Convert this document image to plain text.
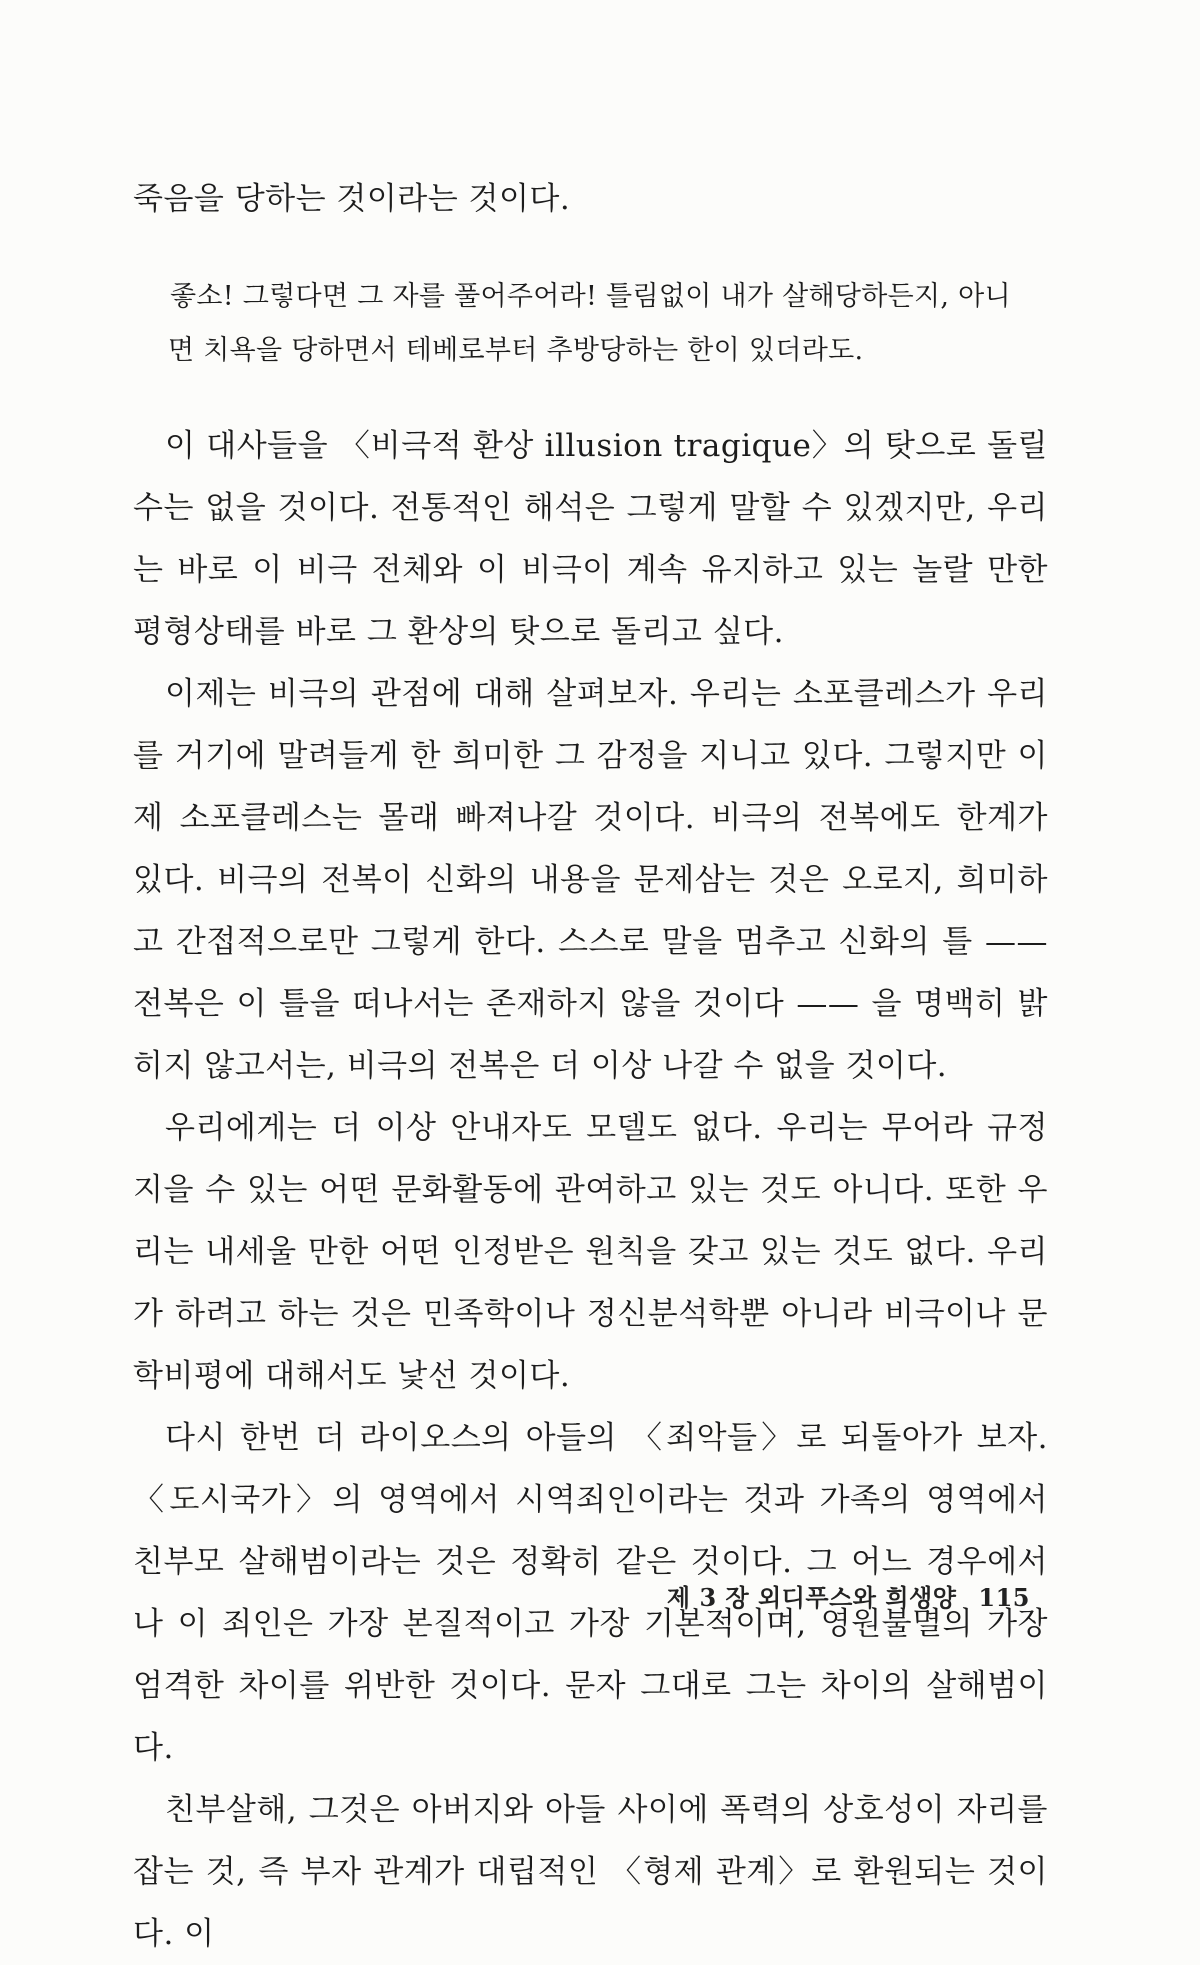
죽음을 당하는 것이라는 것이다.

좋소! 그렇다면 그 자를 풀어주어라! 틀림없이 내가 살해당하든지, 아니
면 치욕을 당하면서 테베로부터 추방당하는 한이 있더라도.

이 대사들을 〈비극적 환상 illusion tragique〉의 탓으로 돌릴 수는 없을 것이다. 전통적인 해석은 그렇게 말할 수 있겠지만, 우리는 바로 이 비극 전체와 이 비극이 계속 유지하고 있는 놀랄 만한 평형상태를 바로 그 환상의 탓으로 돌리고 싶다.

이제는 비극의 관점에 대해 살펴보자. 우리는 소포클레스가 우리를 거기에 말려들게 한 희미한 그 감정을 지니고 있다. 그렇지만 이제 소포클레스는 몰래 빠져나갈 것이다. 비극의 전복에도 한계가 있다. 비극의 전복이 신화의 내용을 문제삼는 것은 오로지, 희미하고 간접적으로만 그렇게 한다. 스스로 말을 멈추고 신화의 틀 —— 전복은 이 틀을 떠나서는 존재하지 않을 것이다 —— 을 명백히 밝히지 않고서는, 비극의 전복은 더 이상 나갈 수 없을 것이다.

우리에게는 더 이상 안내자도 모델도 없다. 우리는 무어라 규정지을 수 있는 어떤 문화활동에 관여하고 있는 것도 아니다. 또한 우리는 내세울 만한 어떤 인정받은 원칙을 갖고 있는 것도 없다. 우리가 하려고 하는 것은 민족학이나 정신분석학뿐 아니라 비극이나 문학비평에 대해서도 낯선 것이다.

다시 한번 더 라이오스의 아들의 〈죄악들〉로 되돌아가 보자. 〈도시국가〉의 영역에서 시역죄인이라는 것과 가족의 영역에서 친부모 살해범이라는 것은 정확히 같은 것이다. 그 어느 경우에서나 이 죄인은 가장 본질적이고 가장 기본적이며, 영원불멸의 가장 엄격한 차이를 위반한 것이다. 문자 그대로 그는 차이의 살해범이다.

친부살해, 그것은 아버지와 아들 사이에 폭력의 상호성이 자리를 잡는 것, 즉 부자 관계가 대립적인 〈형제 관계〉로 환원되는 것이다. 이

제 3 장 외디푸스와 희생양 115
